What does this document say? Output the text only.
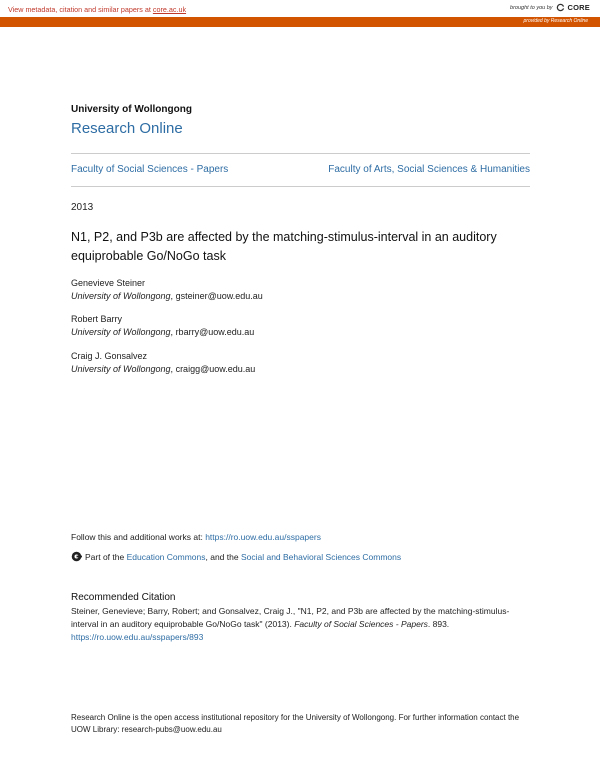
View metadata, citation and similar papers at core.ac.uk	brought to you by CORE
provided by Research Online
University of Wollongong
Research Online
Faculty of Social Sciences - Papers	Faculty of Arts, Social Sciences & Humanities
2013
N1, P2, and P3b are affected by the matching-stimulus-interval in an auditory equiprobable Go/NoGo task
Genevieve Steiner
University of Wollongong, gsteiner@uow.edu.au
Robert Barry
University of Wollongong, rbarry@uow.edu.au
Craig J. Gonsalvez
University of Wollongong, craigg@uow.edu.au
Follow this and additional works at: https://ro.uow.edu.au/sspapers
Part of the Education Commons, and the Social and Behavioral Sciences Commons
Recommended Citation
Steiner, Genevieve; Barry, Robert; and Gonsalvez, Craig J., "N1, P2, and P3b are affected by the matching-stimulus-interval in an auditory equiprobable Go/NoGo task" (2013). Faculty of Social Sciences - Papers. 893.
https://ro.uow.edu.au/sspapers/893
Research Online is the open access institutional repository for the University of Wollongong. For further information contact the UOW Library: research-pubs@uow.edu.au
